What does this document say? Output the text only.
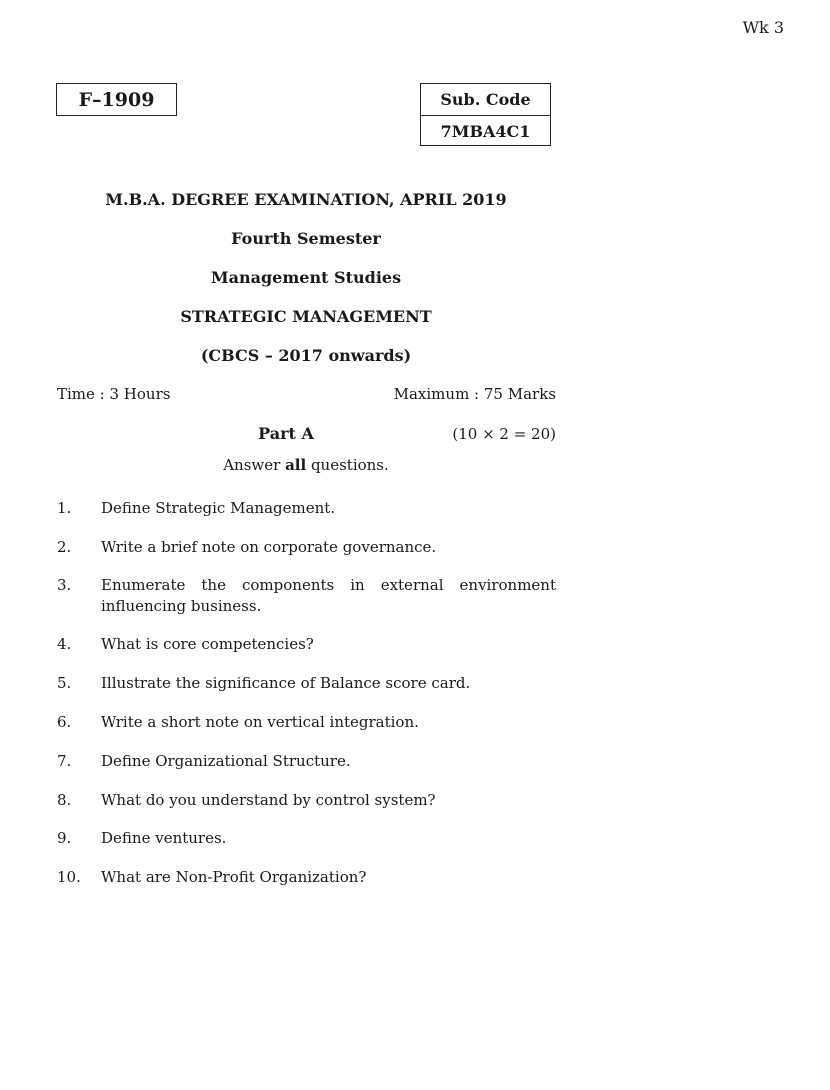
Wk 3
F–1909	Sub. Code
7MBA4C1
M.B.A. DEGREE EXAMINATION, APRIL 2019
Fourth Semester
Management Studies
STRATEGIC MANAGEMENT
(CBCS – 2017 onwards)
Time : 3 Hours	Maximum : 75 Marks
Part A	(10 × 2 = 20)
Answer all questions.
1. Define Strategic Management.
2. Write a brief note on corporate governance.
3. Enumerate the components in external environment influencing business.
4. What is core competencies?
5. Illustrate the significance of Balance score card.
6. Write a short note on vertical integration.
7. Define Organizational Structure.
8. What do you understand by control system?
9. Define ventures.
10. What are Non-Profit Organization?
